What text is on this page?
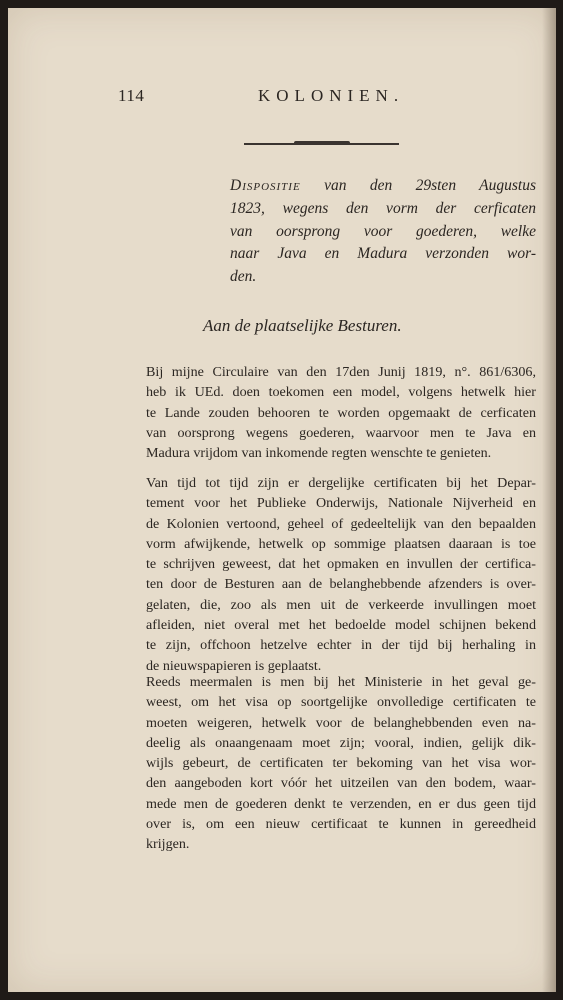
114	KOLONIEN.
Dispositie van den 29sten Augustus
1823, wegens den vorm der cerficaten
van oorsprong voor goederen, welke
naar Java en Madura verzonden wor-
den.
Aan de plaatselijke Besturen.
Bij mijne Circulaire van den 17den Junij 1819, n°. 861/6306,
heb ik UEd. doen toekomen een model, volgens hetwelk hier
te Lande zouden behooren te worden opgemaakt de cerficaten
van oorsprong wegens goederen, waarvoor men te Java en
Madura vrijdom van inkomende regten wenschte te genieten.
Van tijd tot tijd zijn er dergelijke certificaten bij het Depar-
tement voor het Publieke Onderwijs, Nationale Nijverheid en
de Kolonien vertoond, geheel of gedeeltelijk van den bepaalden
vorm afwijkende, hetwelk op sommige plaatsen daaraan is toe
te schrijven geweest, dat het opmaken en invullen der certifica-
ten door de Besturen aan de belanghebbende afzenders is over-
gelaten, die, zoo als men uit de verkeerde invullingen moet
afleiden, niet overal met het bedoelde model schijnen bekend
te zijn, offchoon hetzelve echter in der tijd bij herhaling in
de nieuwspapieren is geplaatst.
Reeds meermalen is men bij het Ministerie in het geval ge-
weest, om het visa op soortgelijke onvolledige certificaten te
moeten weigeren, hetwelk voor de belanghebbenden even na-
deelig als onaangenaam moet zijn; vooral, indien, gelijk dik-
wijls gebeurt, de certificaten ter bekoming van het visa wor-
den aangeboden kort vóór het uitzeilen van den bodem, waar-
mede men de goederen denkt te verzenden, en er dus geen tijd
over is, om een nieuw certificaat te kunnen in gereedheid
krijgen.
